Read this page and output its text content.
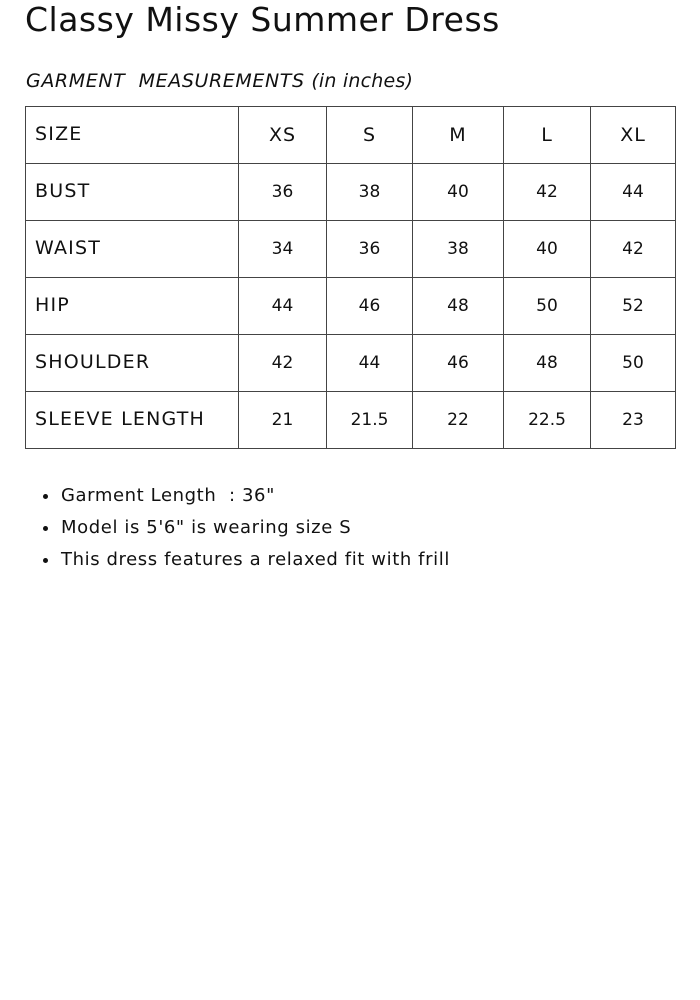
Classy Missy Summer Dress

GARMENT  MEASUREMENTS (in inches)

SIZE	XS	S	M	L	XL
BUST	36	38	40	42	44
WAIST	34	36	38	40	42
HIP	44	46	48	50	52
SHOULDER	42	44	46	48	50
SLEEVE LENGTH	21	21.5	22	22.5	23
Garment Length  : 36"
Model is 5'6" is wearing size S
This dress features a relaxed fit with frill
